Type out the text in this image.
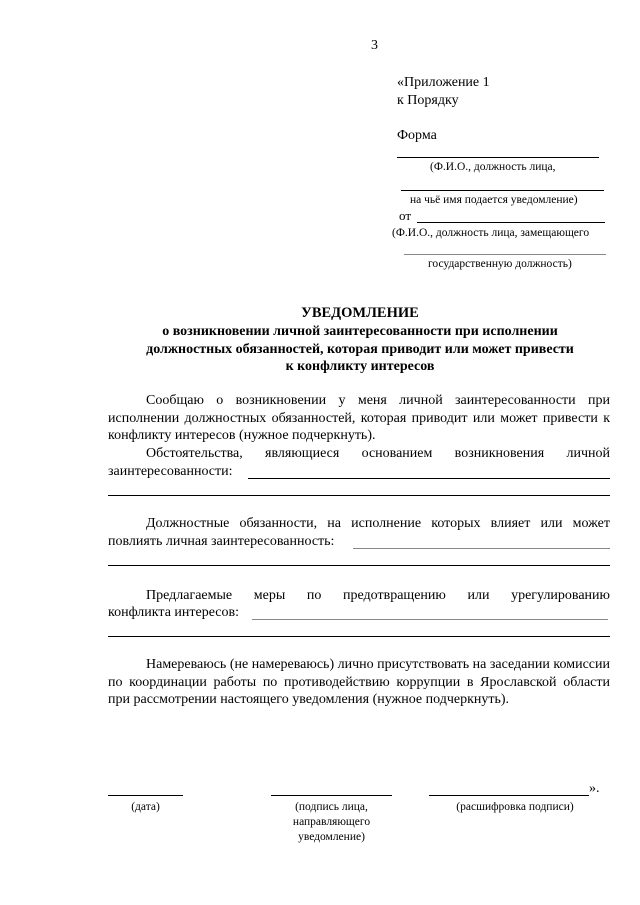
3
«Приложение 1
к Порядку
Форма
(Ф.И.О., должность лица,
на чьё имя подается уведомление)
от
(Ф.И.О., должность лица, замещающего
государственную должность)
УВЕДОМЛЕНИЕ
о возникновении личной заинтересованности при исполнении
должностных обязанностей, которая приводит или может привести
к конфликту интересов
Сообщаю о возникновении у меня личной заинтересованности при исполнении должностных обязанностей, которая приводит или может привести к конфликту интересов (нужное подчеркнуть).
Обстоятельства, являющиеся основанием возникновения личной
заинтересованности:
Должностные обязанности, на исполнение которых влияет или может
повлиять личная заинтересованность:
Предлагаемые меры по предотвращению или урегулированию
конфликта интересов:
Намереваюсь (не намереваюсь) лично присутствовать на заседании комиссии по координации работы по противодействию коррупции в Ярославской области при рассмотрении настоящего уведомления (нужное подчеркнуть).
(дата)	(подпись лица,
направляющего
уведомление)
».
(расшифровка подписи)
